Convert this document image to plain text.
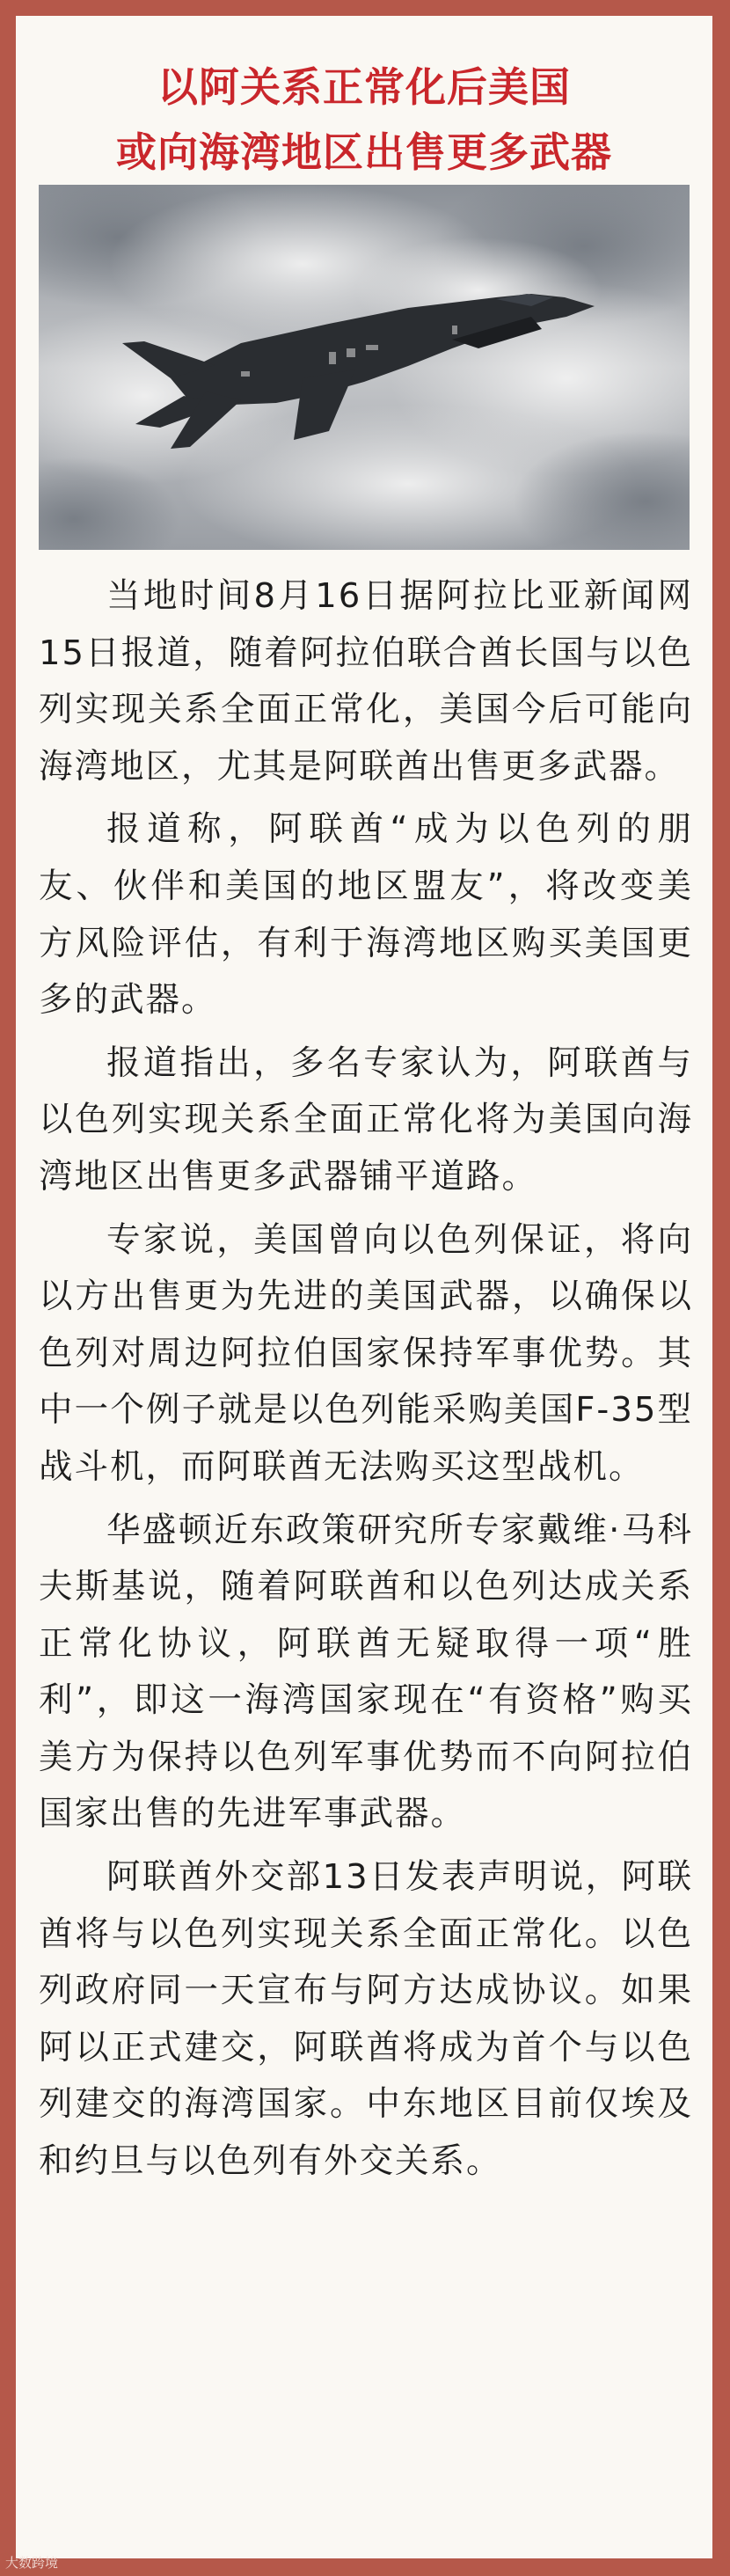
以阿关系正常化后美国
或向海湾地区出售更多武器

当地时间8月16日据阿拉比亚新闻网15日报道，随着阿拉伯联合酋长国与以色列实现关系全面正常化，美国今后可能向海湾地区，尤其是阿联酋出售更多武器。

报道称，阿联酋“成为以色列的朋友、伙伴和美国的地区盟友”，将改变美方风险评估，有利于海湾地区购买美国更多的武器。

报道指出，多名专家认为，阿联酋与以色列实现关系全面正常化将为美国向海湾地区出售更多武器铺平道路。

专家说，美国曾向以色列保证，将向以方出售更为先进的美国武器，以确保以色列对周边阿拉伯国家保持军事优势。其中一个例子就是以色列能采购美国F-35型战斗机，而阿联酋无法购买这型战机。

华盛顿近东政策研究所专家戴维·马科夫斯基说，随着阿联酋和以色列达成关系正常化协议，阿联酋无疑取得一项“胜利”，即这一海湾国家现在“有资格”购买美方为保持以色列军事优势而不向阿拉伯国家出售的先进军事武器。

阿联酋外交部13日发表声明说，阿联酋将与以色列实现关系全面正常化。以色列政府同一天宣布与阿方达成协议。如果阿以正式建交，阿联酋将成为首个与以色列建交的海湾国家。中东地区目前仅埃及和约旦与以色列有外交关系。

大数跨境
